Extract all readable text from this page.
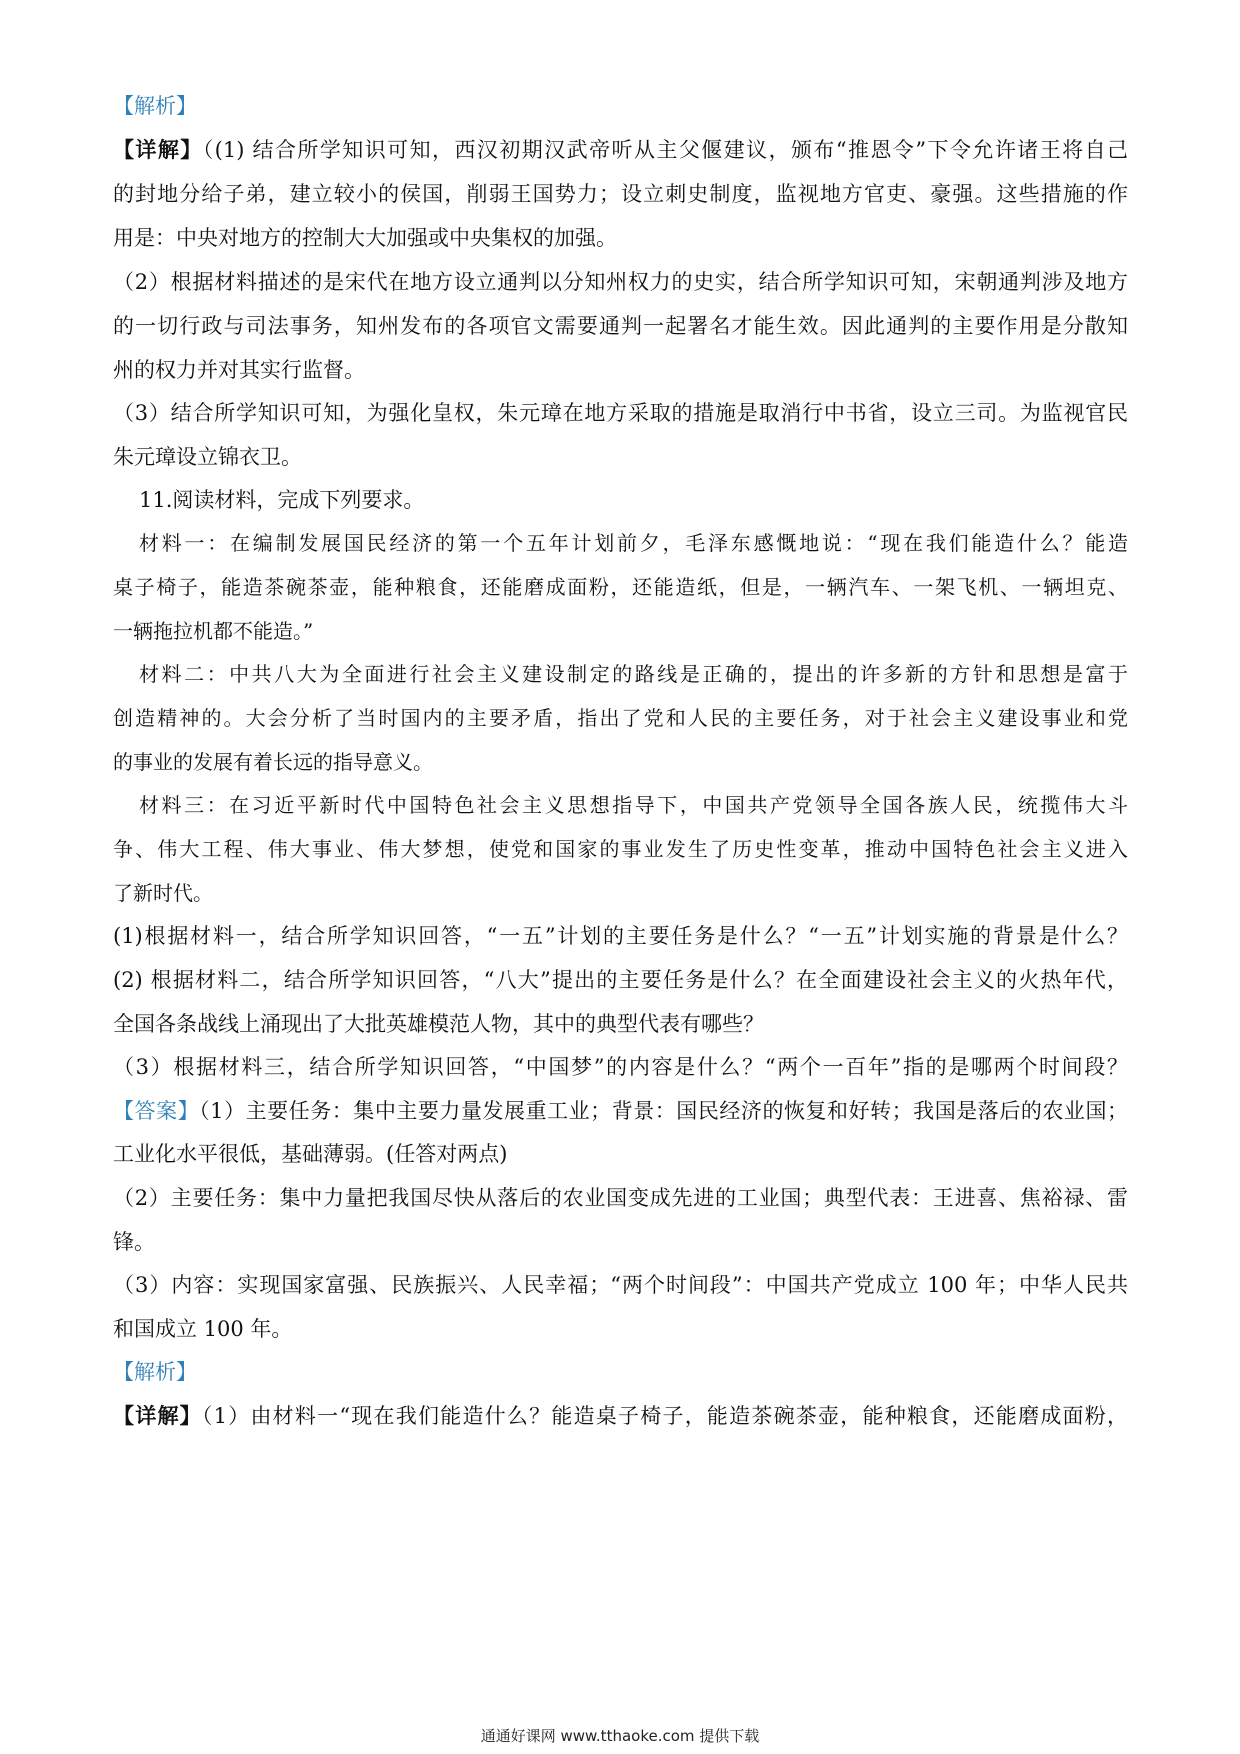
【解析】
【详解】（(1) 结合所学知识可知，西汉初期汉武帝听从主父偃建议，颁布“推恩令”下令允许诸王将自己
的封地分给子弟，建立较小的侯国，削弱王国势力；设立刺史制度，监视地方官吏、豪强。这些措施的作
用是：中央对地方的控制大大加强或中央集权的加强。
（2）根据材料描述的是宋代在地方设立通判以分知州权力的史实，结合所学知识可知，宋朝通判涉及地方
的一切行政与司法事务，知州发布的各项官文需要通判一起署名才能生效。因此通判的主要作用是分散知
州的权力并对其实行监督。
（3）结合所学知识可知，为强化皇权，朱元璋在地方采取的措施是取消行中书省，设立三司。为监视官民
朱元璋设立锦衣卫。
11.阅读材料，完成下列要求。
材料一：在编制发展国民经济的第一个五年计划前夕，毛泽东感慨地说：“现在我们能造什么？能造
桌子椅子，能造茶碗茶壶，能种粮食，还能磨成面粉，还能造纸，但是，一辆汽车、一架飞机、一辆坦克、
一辆拖拉机都不能造。”
材料二：中共八大为全面进行社会主义建设制定的路线是正确的，提出的许多新的方针和思想是富于
创造精神的。大会分析了当时国内的主要矛盾，指出了党和人民的主要任务，对于社会主义建设事业和党
的事业的发展有着长远的指导意义。
材料三：在习近平新时代中国特色社会主义思想指导下，中国共产党领导全国各族人民，统揽伟大斗
争、伟大工程、伟大事业、伟大梦想，使党和国家的事业发生了历史性变革，推动中国特色社会主义进入
了新时代。
(1)根据材料一，结合所学知识回答，“一五”计划的主要任务是什么？“一五”计划实施的背景是什么？
(2) 根据材料二，结合所学知识回答，“八大”提出的主要任务是什么？在全面建设社会主义的火热年代，
全国各条战线上涌现出了大批英雄模范人物，其中的典型代表有哪些？
（3）根据材料三，结合所学知识回答，“中国梦”的内容是什么？“两个一百年”指的是哪两个时间段？
【答案】（1）主要任务：集中主要力量发展重工业；背景：国民经济的恢复和好转；我国是落后的农业国；
工业化水平很低，基础薄弱。(任答对两点)
（2）主要任务：集中力量把我国尽快从落后的农业国变成先进的工业国；典型代表：王进喜、焦裕禄、雷
锋。
（3）内容：实现国家富强、民族振兴、人民幸福；“两个时间段”：中国共产党成立 100 年；中华人民共
和国成立 100 年。
【解析】
【详解】（1）由材料一“现在我们能造什么？能造桌子椅子，能造茶碗茶壶，能种粮食，还能磨成面粉，
通通好课网 www.tthaoke.com 提供下载
